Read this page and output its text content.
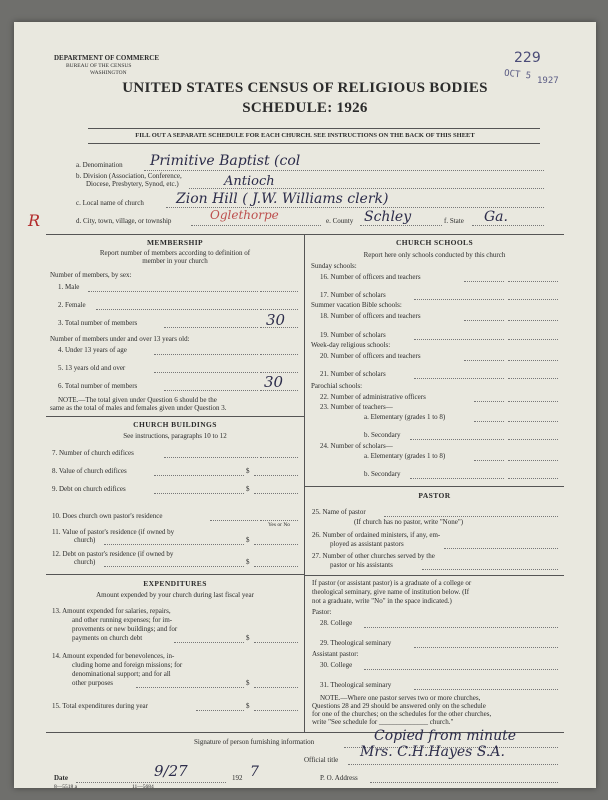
DEPARTMENT OF COMMERCE
BUREAU OF THE CENSUS
WASHINGTON
229
OCT 5 1927
UNITED STATES CENSUS OF RELIGIOUS BODIES
SCHEDULE: 1926
FILL OUT A SEPARATE SCHEDULE FOR EACH CHURCH. SEE INSTRUCTIONS ON THE BACK OF THIS SHEET
a. Denomination Primitive Baptist (col
b. Division (Association, Conference,
Diocese, Presbytery, Synod, etc.)	Antioch
c. Local name of church Zion Hill ( J.W. Williams clerk)
R	d. City, town, village, or township	Oglethorpe	e. County Schley	f. State Ga.
MEMBERSHIP
Report number of members according to definition of
member in your church
Number of members, by sex:
1. Male
2. Female
3. Total number of members	30
Number of members under and over 13 years old:
4. Under 13 years of age
5. 13 years old and over
6. Total number of members	30
NOTE.—The total given under Question 6 should be the
same as the total of males and females given under Question 3.
CHURCH BUILDINGS
See instructions, paragraphs 10 to 12
7. Number of church edifices
8. Value of church edifices	$
9. Debt on church edifices	$
10. Does church own pastor's residence
Yes or No
11. Value of pastor's residence (if owned by
church)	$
12. Debt on pastor's residence (if owned by
church)	$
EXPENDITURES
Amount expended by your church during last fiscal year
13. Amount expended for salaries, repairs,
and other running expenses; for im-
provements or new buildings; and for
payments on church debt	$
14. Amount expended for benevolences, in-
cluding home and foreign missions; for
denominational support; and for all
other purposes	$
15. Total expenditures during year	$
CHURCH SCHOOLS
Report here only schools conducted by this church
Sunday schools:
16. Number of officers and teachers
17. Number of scholars
Summer vacation Bible schools:
18. Number of officers and teachers
19. Number of scholars
Week-day religious schools:
20. Number of officers and teachers
21. Number of scholars
Parochial schools:
22. Number of administrative officers
23. Number of teachers—
a. Elementary (grades 1 to 8)
b. Secondary
24. Number of scholars—
a. Elementary (grades 1 to 8)
b. Secondary
PASTOR
25. Name of pastor
(If church has no pastor, write "None")
26. Number of ordained ministers, if any, em-
ployed as assistant pastors
27. Number of other churches served by the
pastor or his assistants
If pastor (or assistant pastor) is a graduate of a college or
theological seminary, give name of institution below. (If
not a graduate, write "No" in the space indicated.)
Pastor:
28. College
29. Theological seminary
Assistant pastor:
30. College
31. Theological seminary
NOTE.—Where one pastor serves two or more churches,
Questions 28 and 29 should be answered only on the schedule
for one of the churches; on the schedules for the other churches,
write "See schedule for ______________ church."
Signature of person furnishing information	Copied from minute
Official title Mrs. C.H.Hayes S.A.
Date	9/27	192 7	P. O. Address
8—5518 a	11—5684
